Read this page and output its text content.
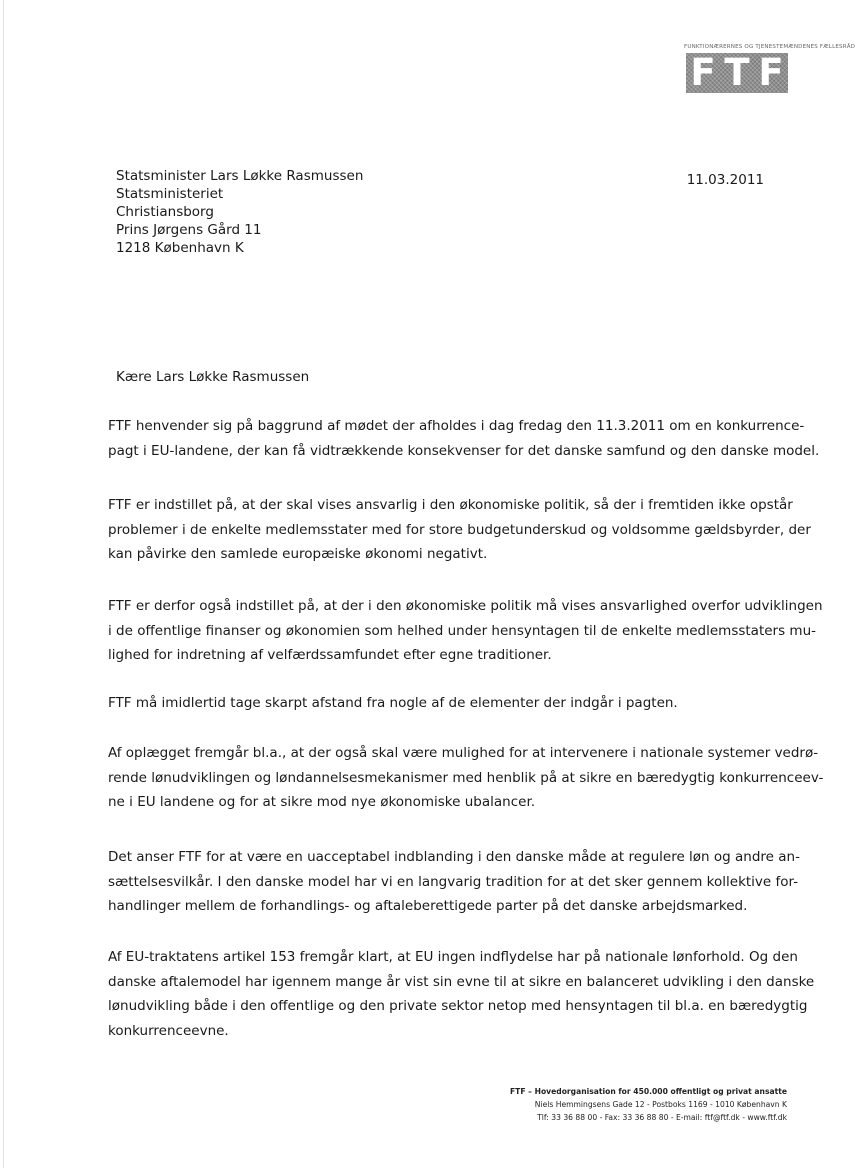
FUNKTIONÆRERNES OG TJENESTEMÆNDENES FÆLLESRÅD
F T F
Statsminister Lars Løkke Rasmussen
Statsministeriet
Christiansborg
Prins Jørgens Gård 11
1218 København K
11.03.2011
Kære Lars Løkke Rasmussen
FTF henvender sig på baggrund af mødet der afholdes i dag fredag den 11.3.2011 om en konkurrence-
pagt i EU-landene, der kan få vidtrækkende konsekvenser for det danske samfund og den danske model.
FTF er indstillet på, at der skal vises ansvarlig i den økonomiske politik, så der i fremtiden ikke opstår
problemer i de enkelte medlemsstater med for store budgetunderskud og voldsomme gældsbyrder, der
kan påvirke den samlede europæiske økonomi negativt.
FTF er derfor også indstillet på, at der i den økonomiske politik må vises ansvarlighed overfor udviklingen
i de offentlige finanser og økonomien som helhed under hensyntagen til de enkelte medlemsstaters mu-
lighed for indretning af velfærdssamfundet efter egne traditioner.
FTF må imidlertid tage skarpt afstand fra nogle af de elementer der indgår i pagten.
Af oplægget fremgår bl.a., at der også skal være mulighed for at intervenere i nationale systemer vedrø-
rende lønudviklingen og løndannelsesmekanismer med henblik på at sikre en bæredygtig konkurrenceev-
ne i EU landene og for at sikre mod nye økonomiske ubalancer.
Det anser FTF for at være en uacceptabel indblanding i den danske måde at regulere løn og andre an-
sættelsesvilkår. I den danske model har vi en langvarig tradition for at det sker gennem kollektive for-
handlinger mellem de forhandlings- og aftaleberettigede parter på det danske arbejdsmarked.
Af EU-traktatens artikel 153 fremgår klart, at EU ingen indflydelse har på nationale lønforhold. Og den
danske aftalemodel har igennem mange år vist sin evne til at sikre en balanceret udvikling i den danske
lønudvikling både i den offentlige og den private sektor netop med hensyntagen til bl.a. en bæredygtig
konkurrenceevne.
FTF – Hovedorganisation for 450.000 offentligt og privat ansatte
Niels Hemmingsens Gade 12 - Postboks 1169 - 1010 København K
Tlf: 33 36 88 00 - Fax: 33 36 88 80 - E-mail: ftf@ftf.dk - www.ftf.dk
